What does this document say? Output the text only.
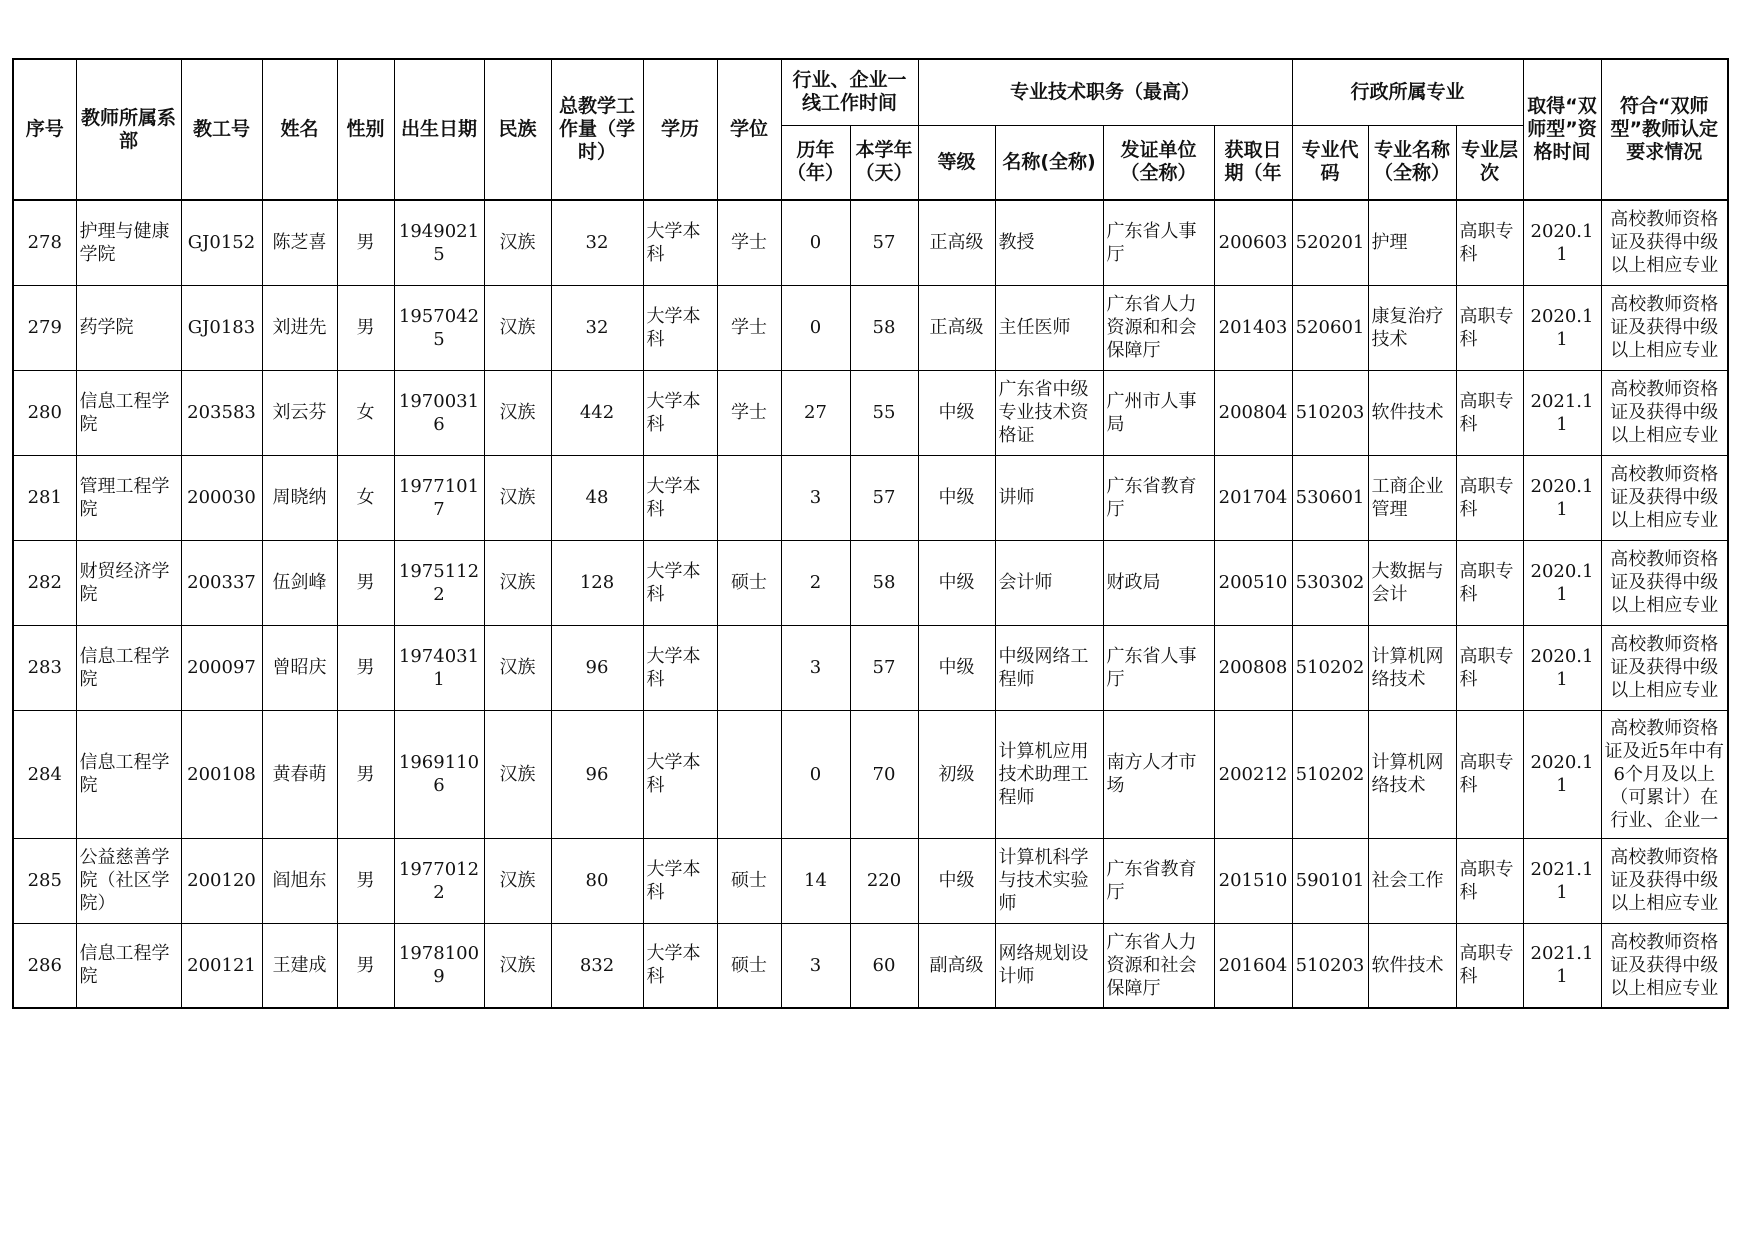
序号	教师所属系部	教工号	姓名	性别	出生日期	民族	总教学工作量（学时）	学历	学位	行业、企业一线工作时间		专业技术职务（最高）				行政所属专业			取得“双师型”资格时间	符合“双师型”教师认定要求情况
										历年（年）	本学年（天）	等级	名称(全称)	发证单位（全称）	获取日期（年	专业代码	专业名称（全称）	专业层次		
278	护理与健康学院	GJ0152	陈芝喜	男	19490215	汉族	32	大学本科	学士	0	57	正高级	教授	广东省人事厅	200603	520201	护理	高职专科	2020.11	高校教师资格证及获得中级以上相应专业

279	药学院	GJ0183	刘进先	男	19570425	汉族	32	大学本科	学士	0	58	正高级	主任医师	广东省人力资源和和会保障厅	201403	520601	康复治疗技术	高职专科	2020.11	高校教师资格证及获得中级以上相应专业

280	信息工程学院	203583	刘云芬	女	19700316	汉族	442	大学本科	学士	27	55	中级	广东省中级专业技术资格证	广州市人事局	200804	510203	软件技术	高职专科	2021.11	高校教师资格证及获得中级以上相应专业

281	管理工程学院	200030	周晓纳	女	19771017	汉族	48	大学本科		3	57	中级	讲师	广东省教育厅	201704	530601	工商企业管理	高职专科	2020.11	高校教师资格证及获得中级以上相应专业

282	财贸经济学院	200337	伍剑峰	男	19751122	汉族	128	大学本科	硕士	2	58	中级	会计师	财政局	200510	530302	大数据与会计	高职专科	2020.11	高校教师资格证及获得中级以上相应专业

283	信息工程学院	200097	曾昭庆	男	19740311	汉族	96	大学本科		3	57	中级	中级网络工程师	广东省人事厅	200808	510202	计算机网络技术	高职专科	2020.11	高校教师资格证及获得中级以上相应专业

284	信息工程学院	200108	黄春萌	男	19691106	汉族	96	大学本科		0	70	初级	计算机应用技术助理工程师	南方人才市场	200212	510202	计算机网络技术	高职专科	2020.11	高校教师资格证及近5年中有6个月及以上（可累计）在行业、企业一

285	公益慈善学院（社区学院）	200120	阎旭东	男	19770122	汉族	80	大学本科	硕士	14	220	中级	计算机科学与技术实验师	广东省教育厅	201510	590101	社会工作	高职专科	2021.11	高校教师资格证及获得中级以上相应专业

286	信息工程学院	200121	王建成	男	19781009	汉族	832	大学本科	硕士	3	60	副高级	网络规划设计师	广东省人力资源和社会保障厅	201604	510203	软件技术	高职专科	2021.11	高校教师资格证及获得中级以上相应专业
